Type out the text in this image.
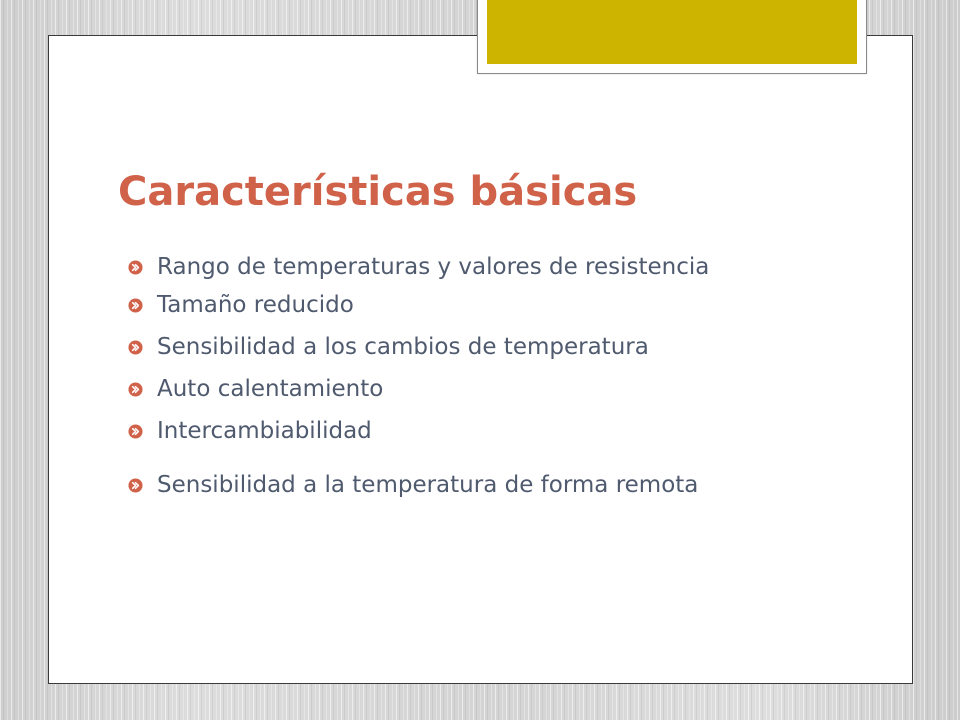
Características básicas
Rango de temperaturas y valores de resistencia
Tamaño reducido
Sensibilidad a los cambios de temperatura
Auto calentamiento
Intercambiabilidad
Sensibilidad a la temperatura de forma remota
